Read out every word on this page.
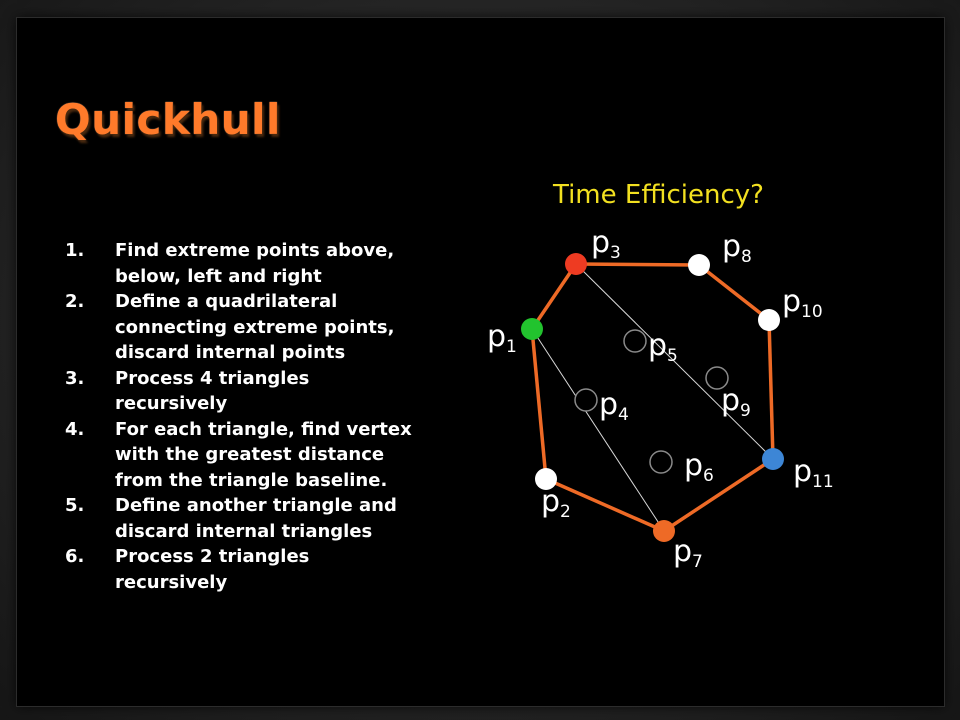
Quickhull
Time Efficiency?
1.	Find extreme points above, below, left and right
2.	Define a quadrilateral connecting extreme points, discard internal points
3.	Process 4 triangles recursively
4.	For each triangle, find vertex with the greatest distance from the triangle baseline.
5.	Define another triangle and discard internal triangles
6.	Process 2 triangles recursively
$p_3$	$p_8$
$p_{10}$
$p_1$	$p_5$
$p_9$
$p_4$
$p_6$	$p_{11}$
$p_2$
$p_7$
